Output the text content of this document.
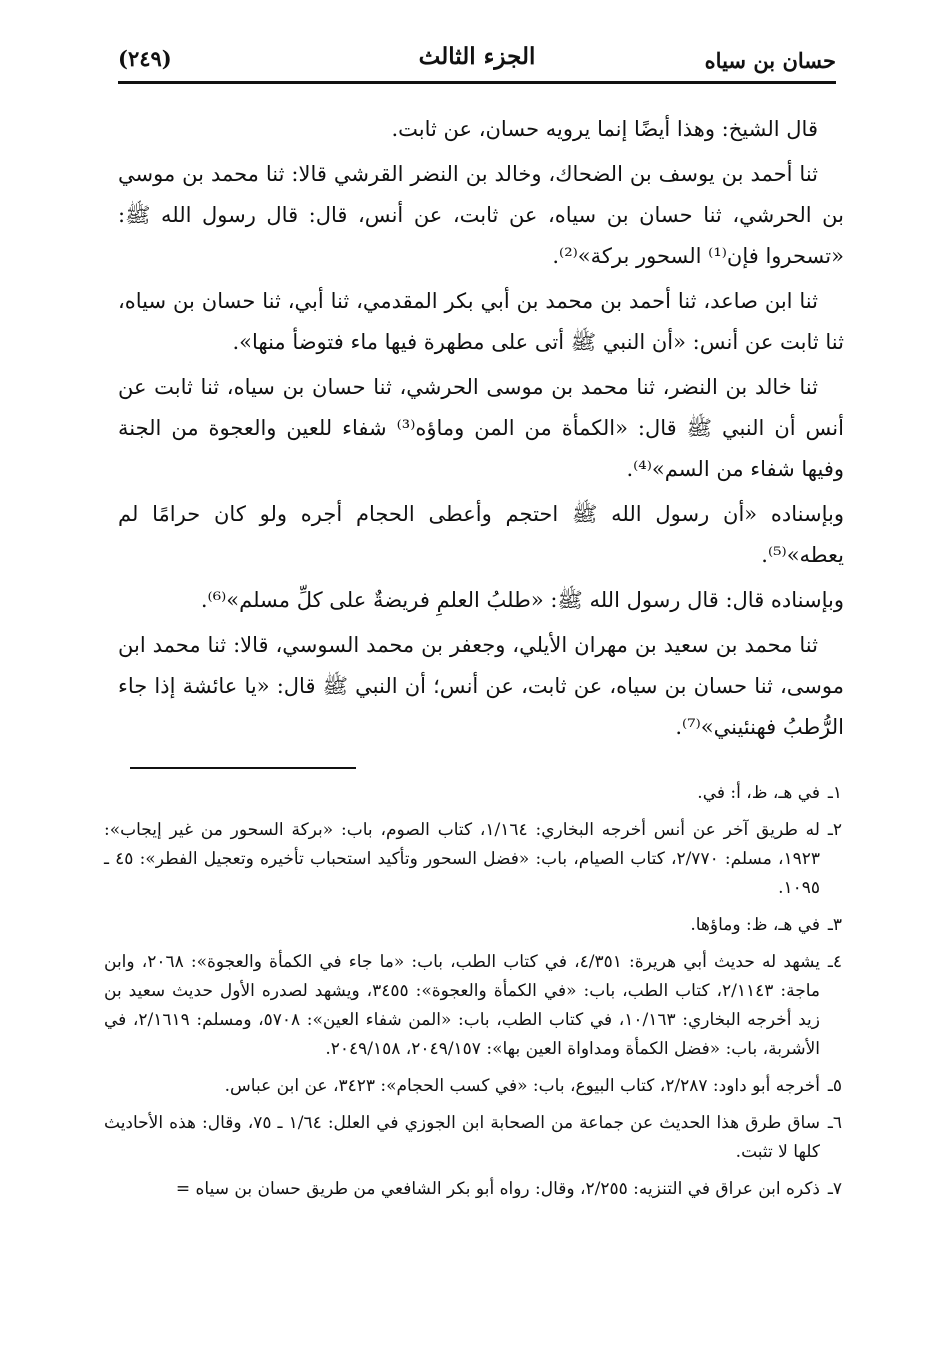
حسان بن سياه
الجزء الثالث
(٢٤٩)

قال الشيخ: وهذا أيضًا إنما يرويه حسان، عن ثابت.

ثنا أحمد بن يوسف بن الضحاك، وخالد بن النضر القرشي قالا: ثنا محمد بن موسي بن الحرشي، ثنا حسان بن سياه، عن ثابت، عن أنس، قال: قال رسول الله ﷺ: «تسحروا فإن⁽¹⁾ السحور بركة»⁽²⁾.

ثنا ابن صاعد، ثنا أحمد بن محمد بن أبي بكر المقدمي، ثنا أبي، ثنا حسان بن سياه، ثنا ثابت عن أنس: «أن النبي ﷺ أتى على مطهرة فيها ماء فتوضأ منها».

ثنا خالد بن النضر، ثنا محمد بن موسى الحرشي، ثنا حسان بن سياه، ثنا ثابت عن أنس أن النبي ﷺ قال: «الكمأة من المن وماؤه⁽³⁾ شفاء للعين والعجوة من الجنة وفيها شفاء من السم»⁽⁴⁾.

وبإسناده «أن رسول الله ﷺ احتجم وأعطى الحجام أجره ولو كان حرامًا لم يعطه»⁽⁵⁾.

وبإسناده قال: قال رسول الله ﷺ: «طلبُ العلمِ فريضةٌ على كلِّ مسلم»⁽⁶⁾.

ثنا محمد بن سعيد بن مهران الأيلي، وجعفر بن محمد السوسي، قالا: ثنا محمد ابن موسى، ثنا حسان بن سياه، عن ثابت، عن أنس؛ أن النبي ﷺ قال: «يا عائشة إذا جاء الرُّطبُ فهنئيني»⁽⁷⁾.

١ـ
في هـ، ظ، أ: في.
٢ـ
له طريق آخر عن أنس أخرجه البخاري: ١/١٦٤، كتاب الصوم، باب: «بركة السحور من غير إيجاب»: ١٩٢٣، مسلم: ٢/٧٧٠، كتاب الصيام، باب: «فضل السحور وتأكيد استحباب تأخيره وتعجيل الفطر»: ٤٥ ـ ١٠٩٥.
٣ـ
في هـ، ظ: وماؤها.
٤ـ
يشهد له حديث أبي هريرة: ٤/٣٥١، في كتاب الطب، باب: «ما جاء في الكمأة والعجوة»: ٢٠٦٨، وابن ماجة: ٢/١١٤٣، كتاب الطب، باب: «في الكمأة والعجوة»: ٣٤٥٥، ويشهد لصدره الأول حديث سعيد بن زيد أخرجه البخاري: ١٠/١٦٣، في كتاب الطب، باب: «المن شفاء العين»: ٥٧٠٨، ومسلم: ٢/١٦١٩، في الأشربة، باب: «فضل الكمأة ومداواة العين بها»: ٢٠٤٩/١٥٧، ٢٠٤٩/١٥٨.
٥ـ
أخرجه أبو داود: ٢/٢٨٧، كتاب البيوع، باب: «في كسب الحجام»: ٣٤٢٣، عن ابن عباس.
٦ـ
ساق طرق هذا الحديث عن جماعة من الصحابة ابن الجوزي في العلل: ١/٦٤ ـ ٧٥، وقال: هذه الأحاديث كلها لا تثبت.
٧ـ
ذكره ابن عراق في التنزيه: ٢/٢٥٥، وقال: رواه أبو بكر الشافعي من طريق حسان بن سياه =
